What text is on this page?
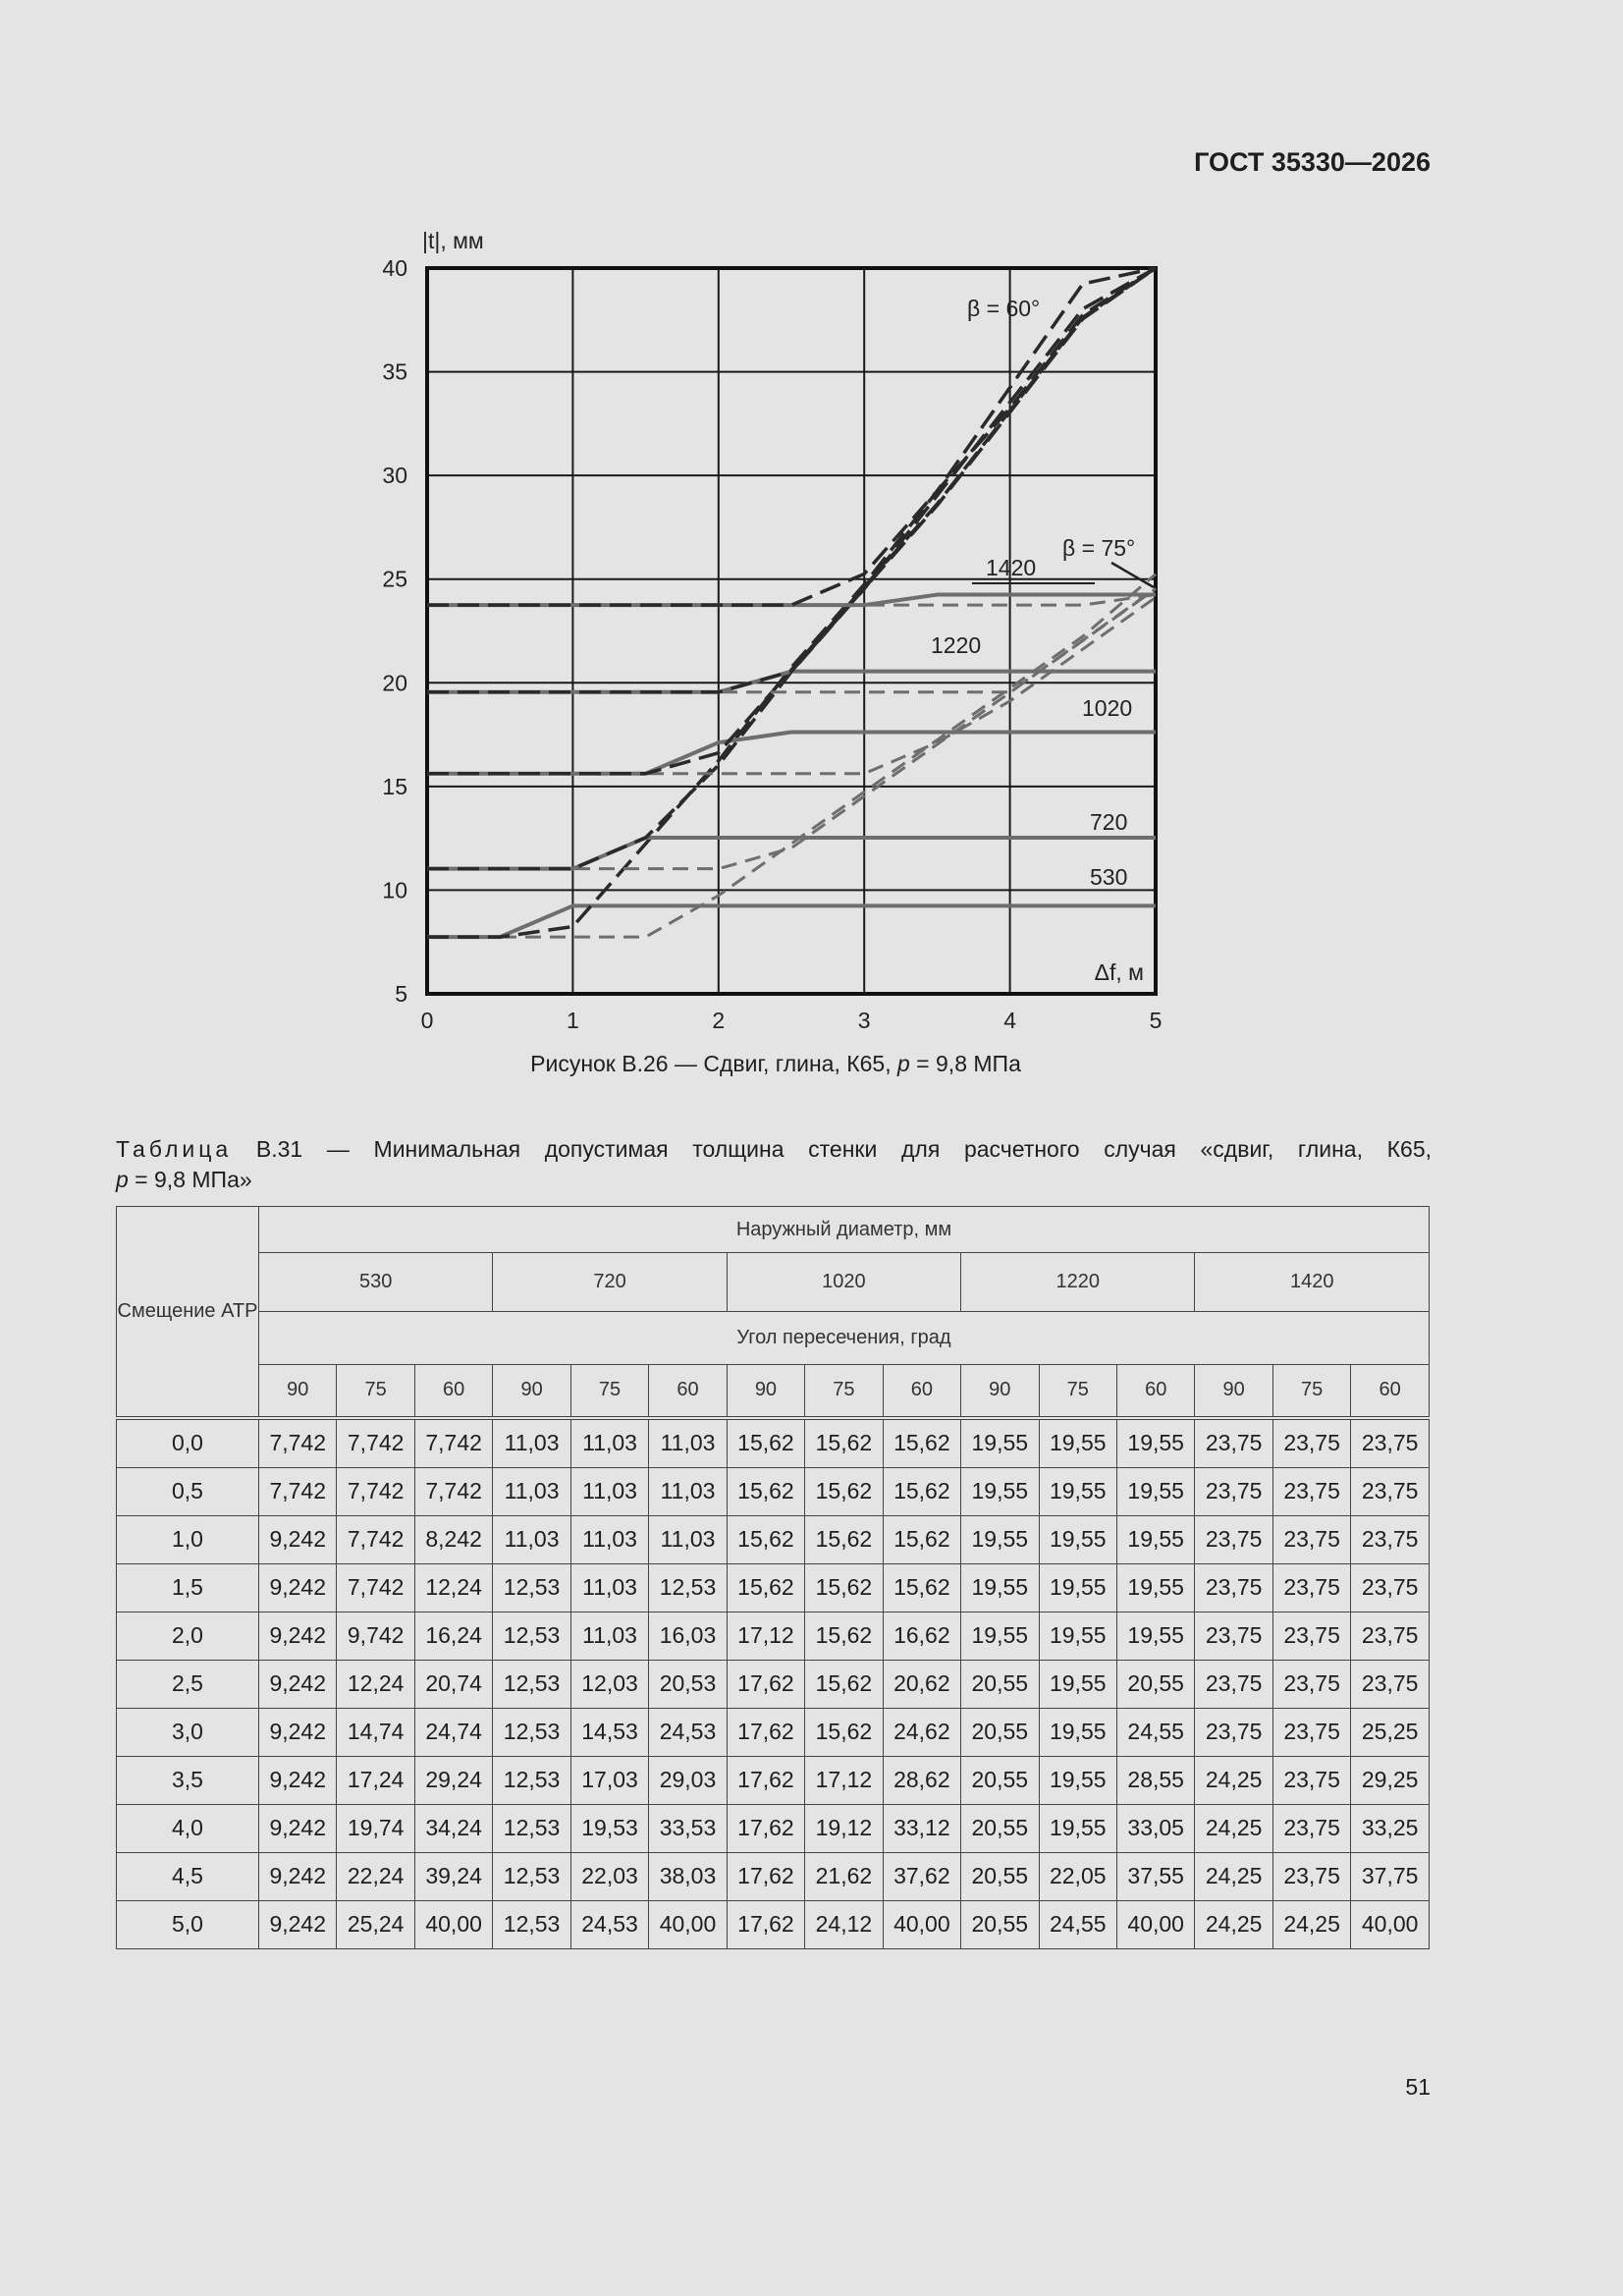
ГОСТ 35330—2026
0	1	2	3	4	5
5
10
15
20
25
30
35
40
|t|, мм
Δf, м
β = 60°
β = 75°
1420
1220
1020
720
530
Рисунок В.26 — Сдвиг, глина, К65, p = 9,8 МПа
Таблица В.31 — Минимальная допустимая толщина стенки для расчетного случая «сдвиг, глина, К65,
p = 9,8 МПа»
Смещение АТР	Наружный диаметр, мм														
	530			720			1020			1220			1420		
	Угол пересечения, град														
	90	75	60	90	75	60	90	75	60	90	75	60	90	75	60
0,0	7,742	7,742	7,742	11,03	11,03	11,03	15,62	15,62	15,62	19,55	19,55	19,55	23,75	23,75	23,75
0,5	7,742	7,742	7,742	11,03	11,03	11,03	15,62	15,62	15,62	19,55	19,55	19,55	23,75	23,75	23,75
1,0	9,242	7,742	8,242	11,03	11,03	11,03	15,62	15,62	15,62	19,55	19,55	19,55	23,75	23,75	23,75
1,5	9,242	7,742	12,24	12,53	11,03	12,53	15,62	15,62	15,62	19,55	19,55	19,55	23,75	23,75	23,75
2,0	9,242	9,742	16,24	12,53	11,03	16,03	17,12	15,62	16,62	19,55	19,55	19,55	23,75	23,75	23,75
2,5	9,242	12,24	20,74	12,53	12,03	20,53	17,62	15,62	20,62	20,55	19,55	20,55	23,75	23,75	23,75
3,0	9,242	14,74	24,74	12,53	14,53	24,53	17,62	15,62	24,62	20,55	19,55	24,55	23,75	23,75	25,25
3,5	9,242	17,24	29,24	12,53	17,03	29,03	17,62	17,12	28,62	20,55	19,55	28,55	24,25	23,75	29,25
4,0	9,242	19,74	34,24	12,53	19,53	33,53	17,62	19,12	33,12	20,55	19,55	33,05	24,25	23,75	33,25
4,5	9,242	22,24	39,24	12,53	22,03	38,03	17,62	21,62	37,62	20,55	22,05	37,55	24,25	23,75	37,75
5,0	9,242	25,24	40,00	12,53	24,53	40,00	17,62	24,12	40,00	20,55	24,55	40,00	24,25	24,25	40,00
51
